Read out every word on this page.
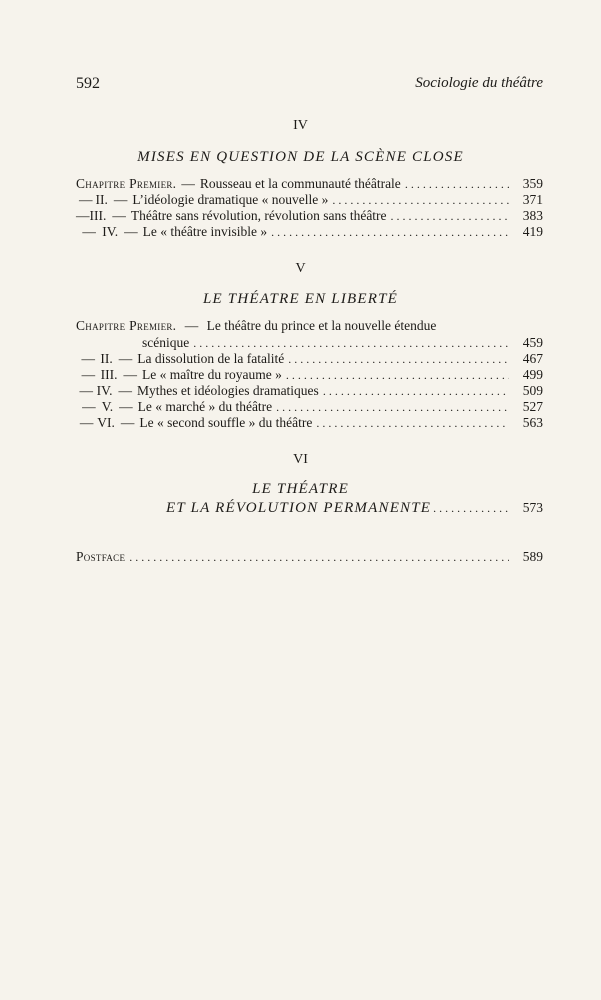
592	Sociologie du théâtre
IV
MISES EN QUESTION DE LA SCÈNE CLOSE
Chapitre Premier. — Rousseau et la communauté théâtrale . . .	359
— II. — L’idéologie dramatique « nouvelle » . . .	371
— III. — Théâtre sans révolution, révolution sans théâtre . . .	383
— IV. — Le « théâtre invisible » . . .	419
V
LE THÉATRE EN LIBERTÉ
Chapitre Premier. — Le théâtre du prince et la nouvelle étendue
scénique . . .	459
— II. — La dissolution de la fatalité . . .	467
— III. — Le « maître du royaume » . . .	499
— IV. — Mythes et idéologies dramatiques . . .	509
— V. — Le « marché » du théâtre . . .	527
— VI. — Le « second souffle » du théâtre . . .	563
VI
LE THÉATRE
ET LA RÉVOLUTION PERMANENTE . . .	573
Postface . . .	589
